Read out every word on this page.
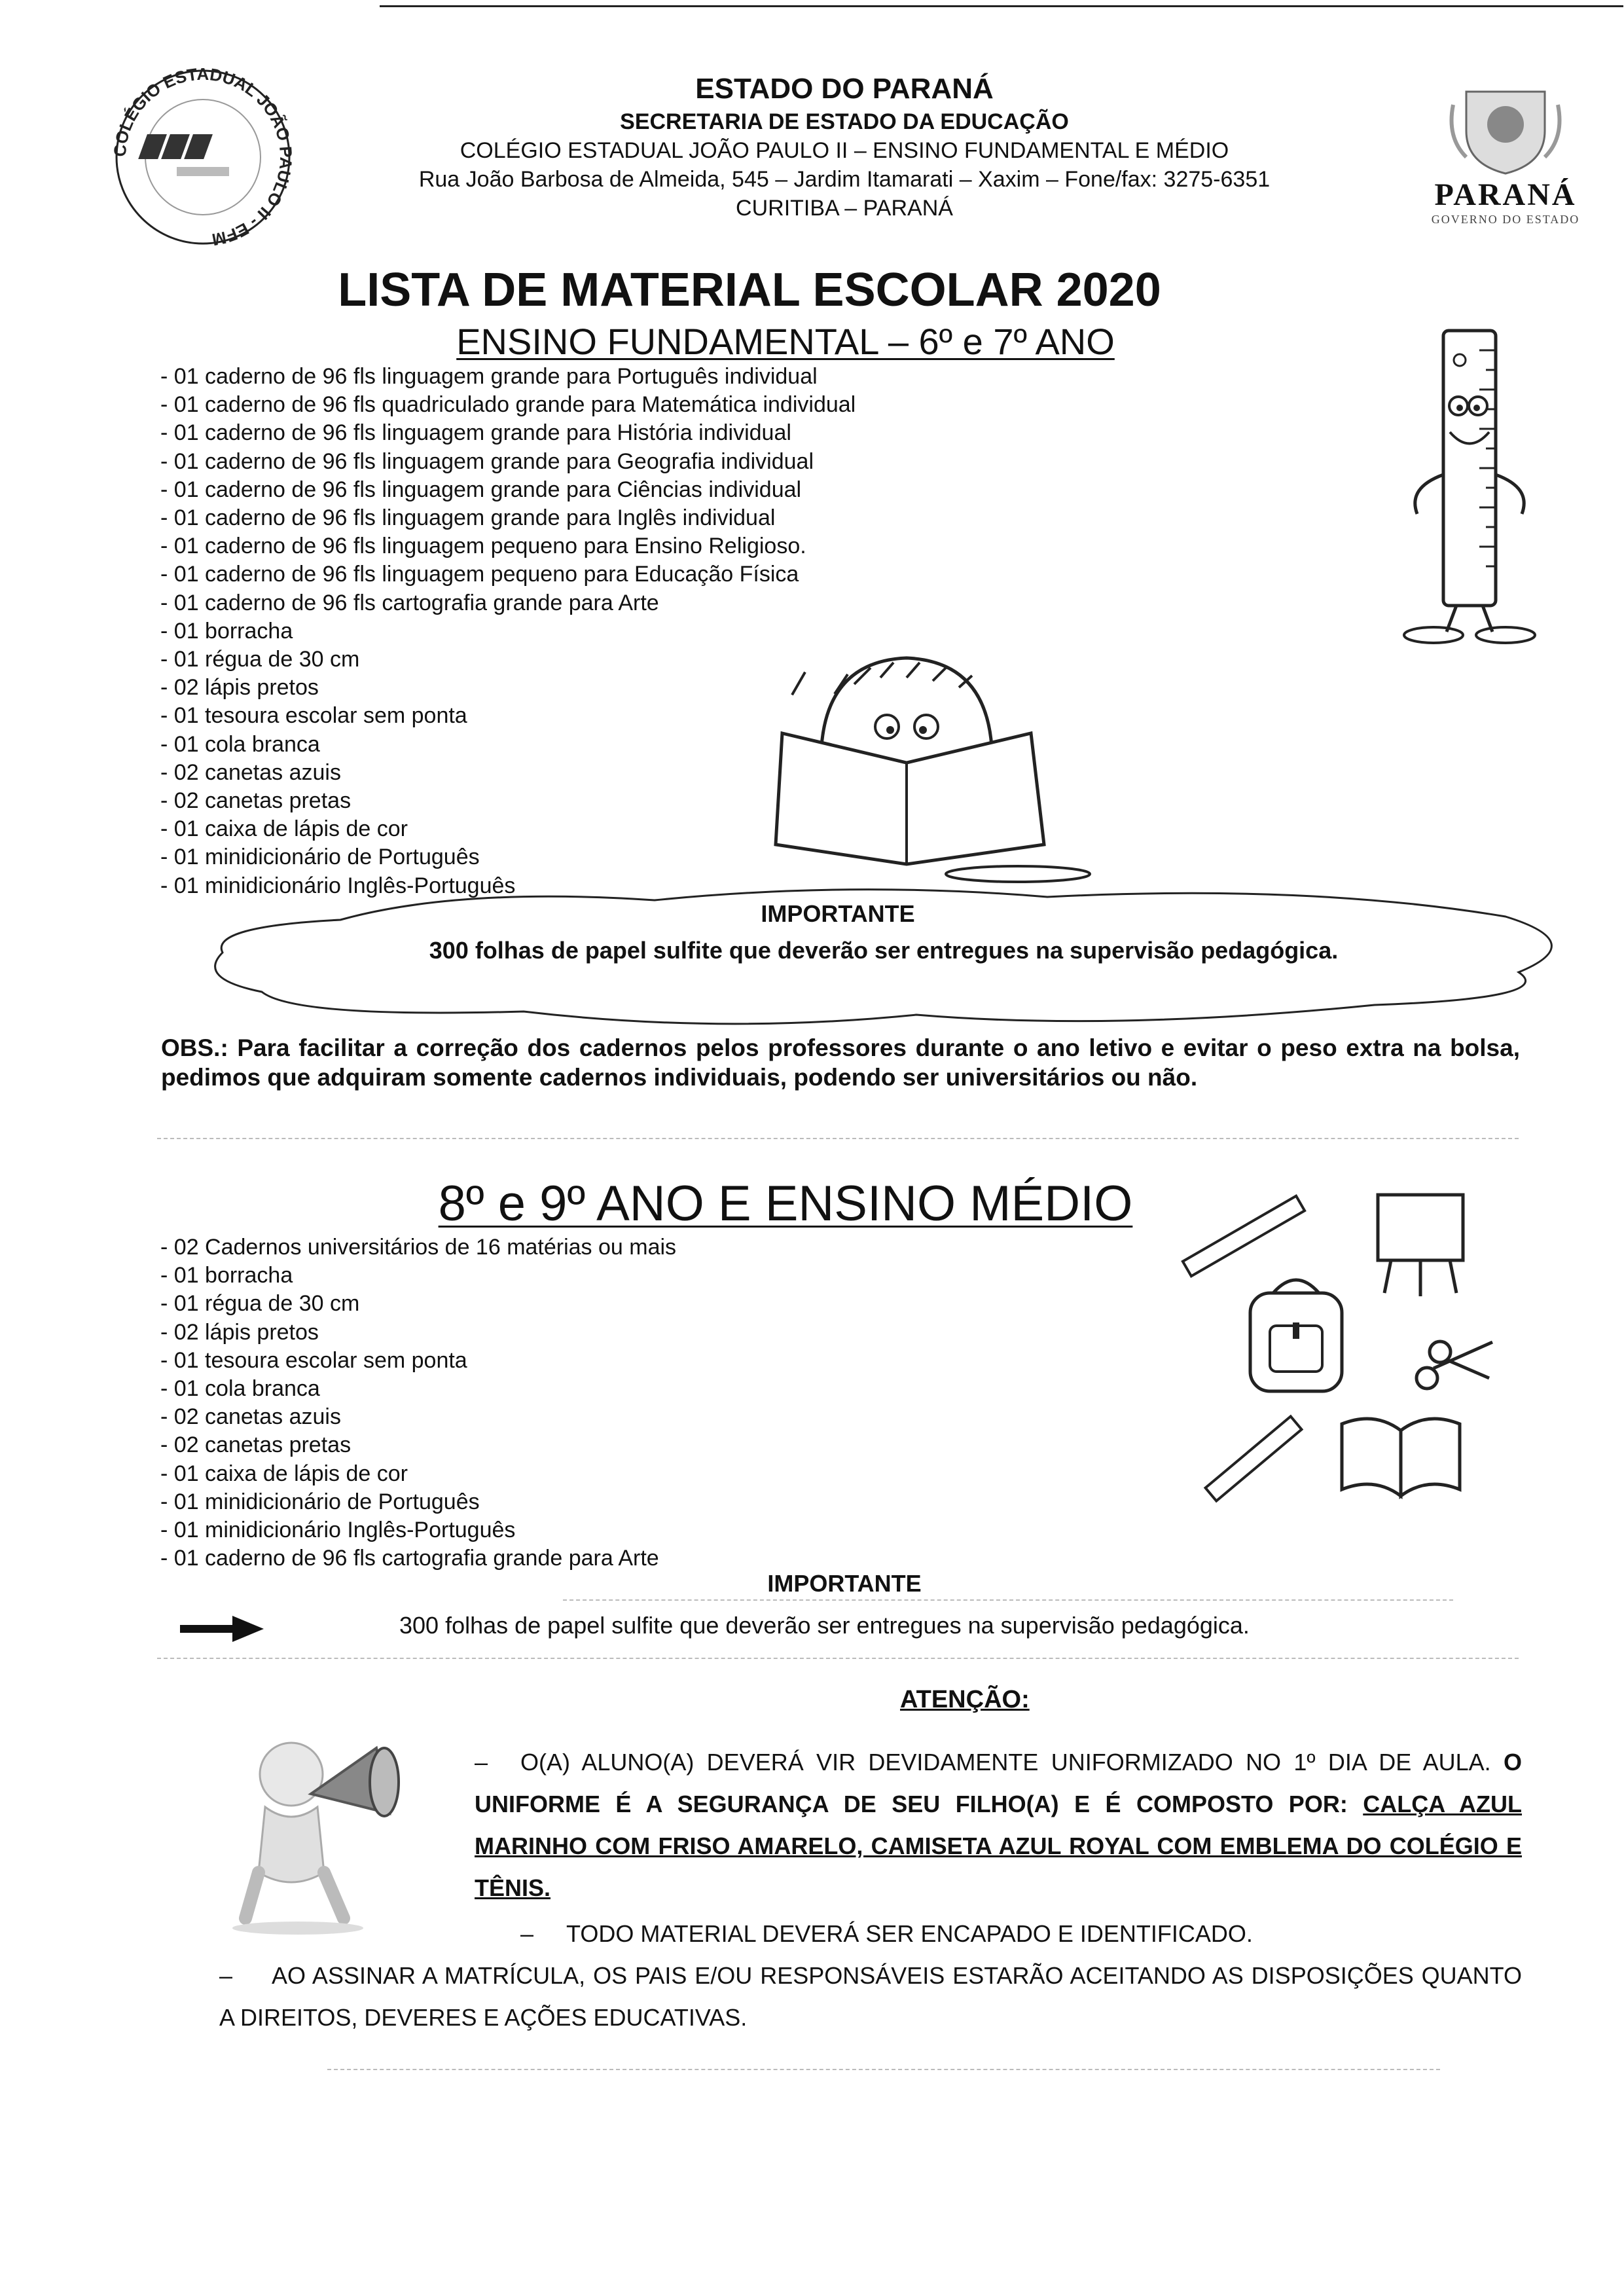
COLÉGIO ESTADUAL JOÃO PAULO II - EFM
ESTADO DO PARANÁ
SECRETARIA DE ESTADO DA EDUCAÇÃO
COLÉGIO ESTADUAL JOÃO PAULO II – ENSINO FUNDAMENTAL E MÉDIO
Rua João Barbosa de Almeida, 545 – Jardim Itamarati – Xaxim – Fone/fax: 3275-6351
CURITIBA – PARANÁ	PARANÁ
GOVERNO DO ESTADO
LISTA DE MATERIAL ESCOLAR 2020
ENSINO FUNDAMENTAL – 6º e 7º ANO
- 01 caderno de 96 fls linguagem grande para Português individual
- 01 caderno de 96 fls quadriculado grande para Matemática individual
- 01 caderno de 96 fls linguagem grande para História individual
- 01 caderno de 96 fls linguagem grande para Geografia individual
- 01 caderno de 96 fls linguagem grande para Ciências individual
- 01 caderno de 96 fls linguagem grande para Inglês individual
- 01 caderno de 96 fls linguagem pequeno para Ensino Religioso.
- 01 caderno de 96 fls linguagem pequeno para Educação Física
- 01 caderno de 96 fls cartografia grande para Arte
- 01 borracha
- 01 régua de 30 cm
- 02 lápis pretos
- 01 tesoura escolar sem ponta
- 01 cola branca
- 02 canetas azuis
- 02 canetas pretas
- 01 caixa de lápis de cor
- 01 minidicionário de Português
- 01 minidicionário Inglês-Português
IMPORTANTE
300 folhas de papel sulfite que deverão ser entregues na supervisão pedagógica.
OBS.: Para facilitar a correção dos cadernos pelos professores durante o ano letivo e evitar o peso extra na bolsa, pedimos que adquiram somente cadernos individuais, podendo ser universitários ou não.
8º e 9º ANO E ENSINO MÉDIO
- 02 Cadernos universitários de 16 matérias ou mais
- 01 borracha
- 01 régua de 30 cm
- 02 lápis pretos
- 01 tesoura escolar sem ponta
- 01 cola branca
- 02 canetas azuis
- 02 canetas pretas
- 01 caixa de lápis de cor
- 01 minidicionário de Português
- 01 minidicionário Inglês-Português
- 01 caderno de 96 fls cartografia grande para Arte
IMPORTANTE
300 folhas de papel sulfite que deverão ser entregues na supervisão pedagógica.
ATENÇÃO:
– O(A) ALUNO(A) DEVERÁ VIR DEVIDAMENTE UNIFORMIZADO NO 1º DIA DE AULA. O UNIFORME É A SEGURANÇA DE SEU FILHO(A) E É COMPOSTO POR: CALÇA AZUL MARINHO COM FRISO AMARELO, CAMISETA AZUL ROYAL COM EMBLEMA DO COLÉGIO E TÊNIS.
– TODO MATERIAL DEVERÁ SER ENCAPADO E IDENTIFICADO.
– AO ASSINAR A MATRÍCULA, OS PAIS E/OU RESPONSÁVEIS ESTARÃO ACEITANDO AS DISPOSIÇÕES QUANTO A DIREITOS, DEVERES E AÇÕES EDUCATIVAS.
